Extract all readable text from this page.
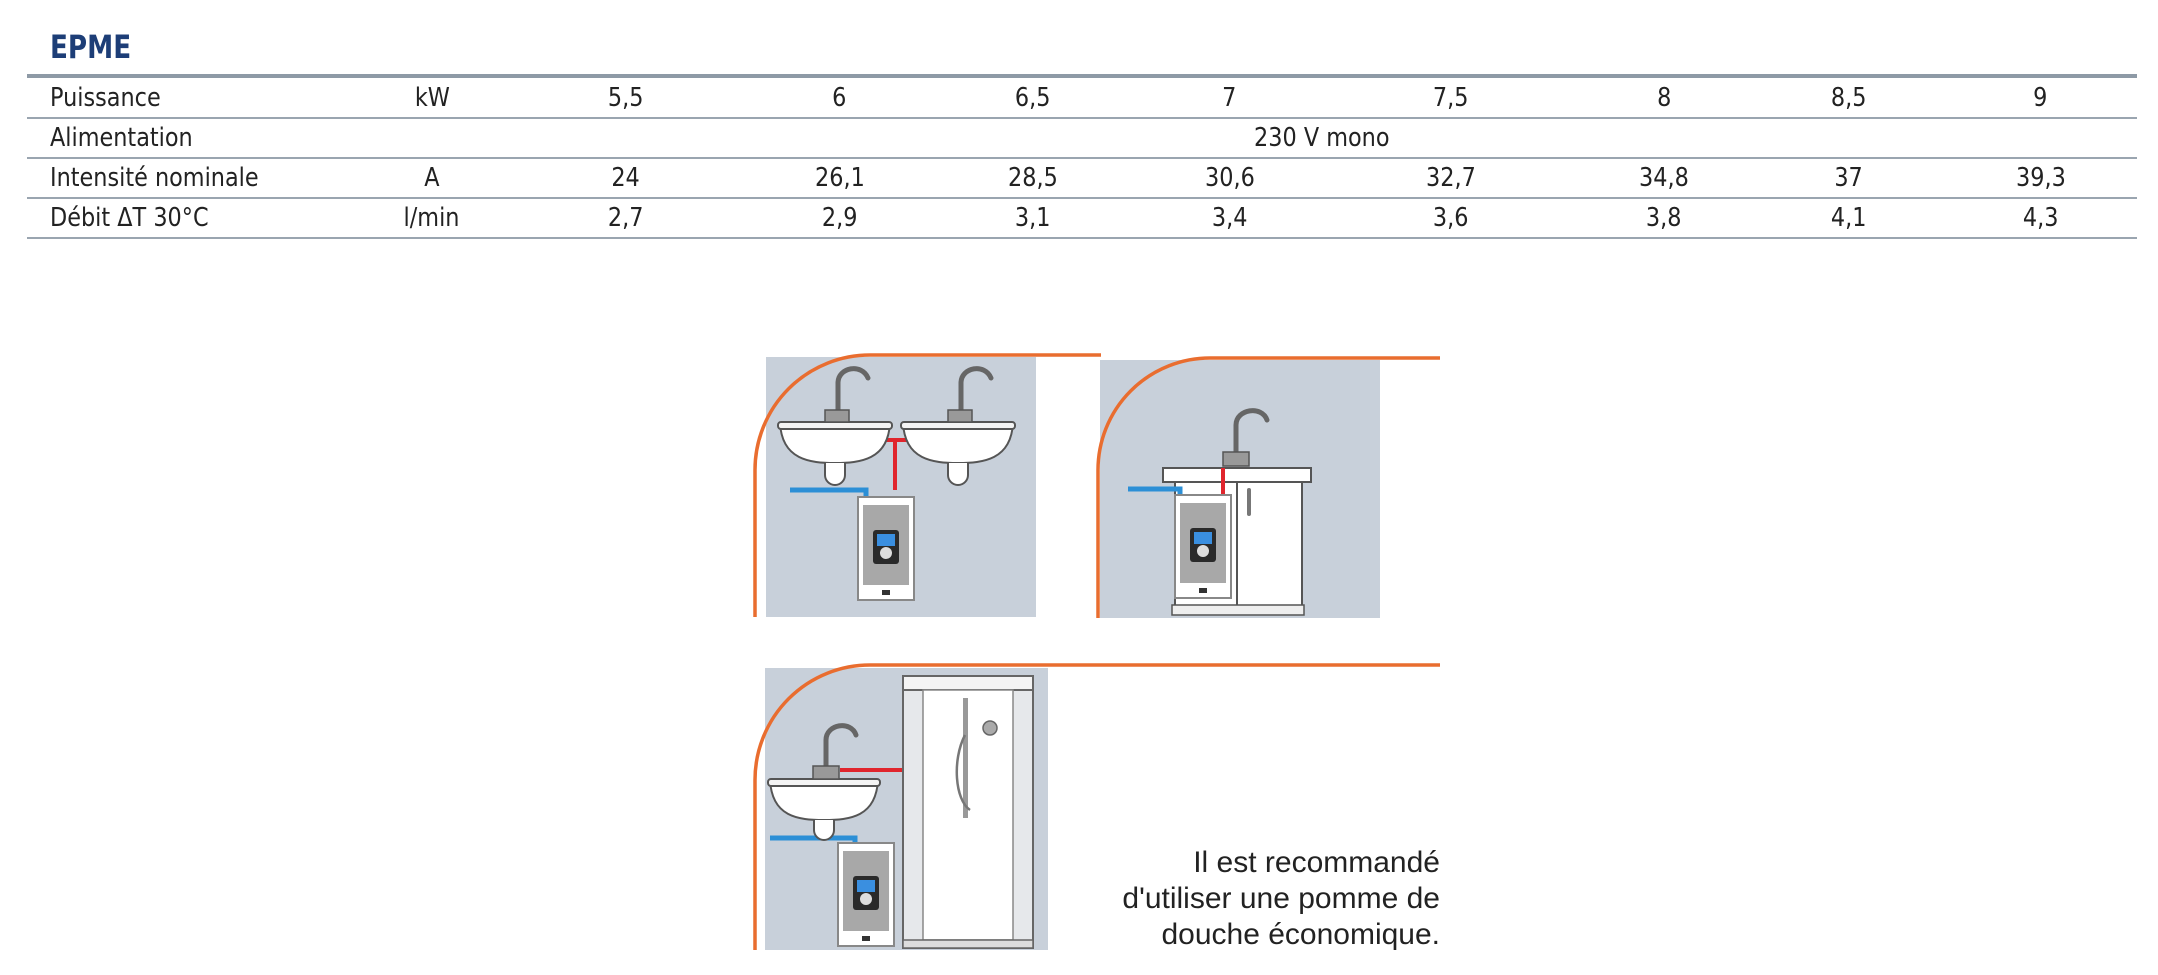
EPME
Puissance	kW	5,5	6	6,5	7	7,5	8	8,5	9
Alimentation		230 V mono							
Intensité nominale	A	24	26,1	28,5	30,6	32,7	34,8	37	39,3
Débit ΔT 30°C	l/min	2,7	2,9	3,1	3,4	3,6	3,8	4,1	4,3
Il est recommandé
d'utiliser une pomme de
douche économique.
